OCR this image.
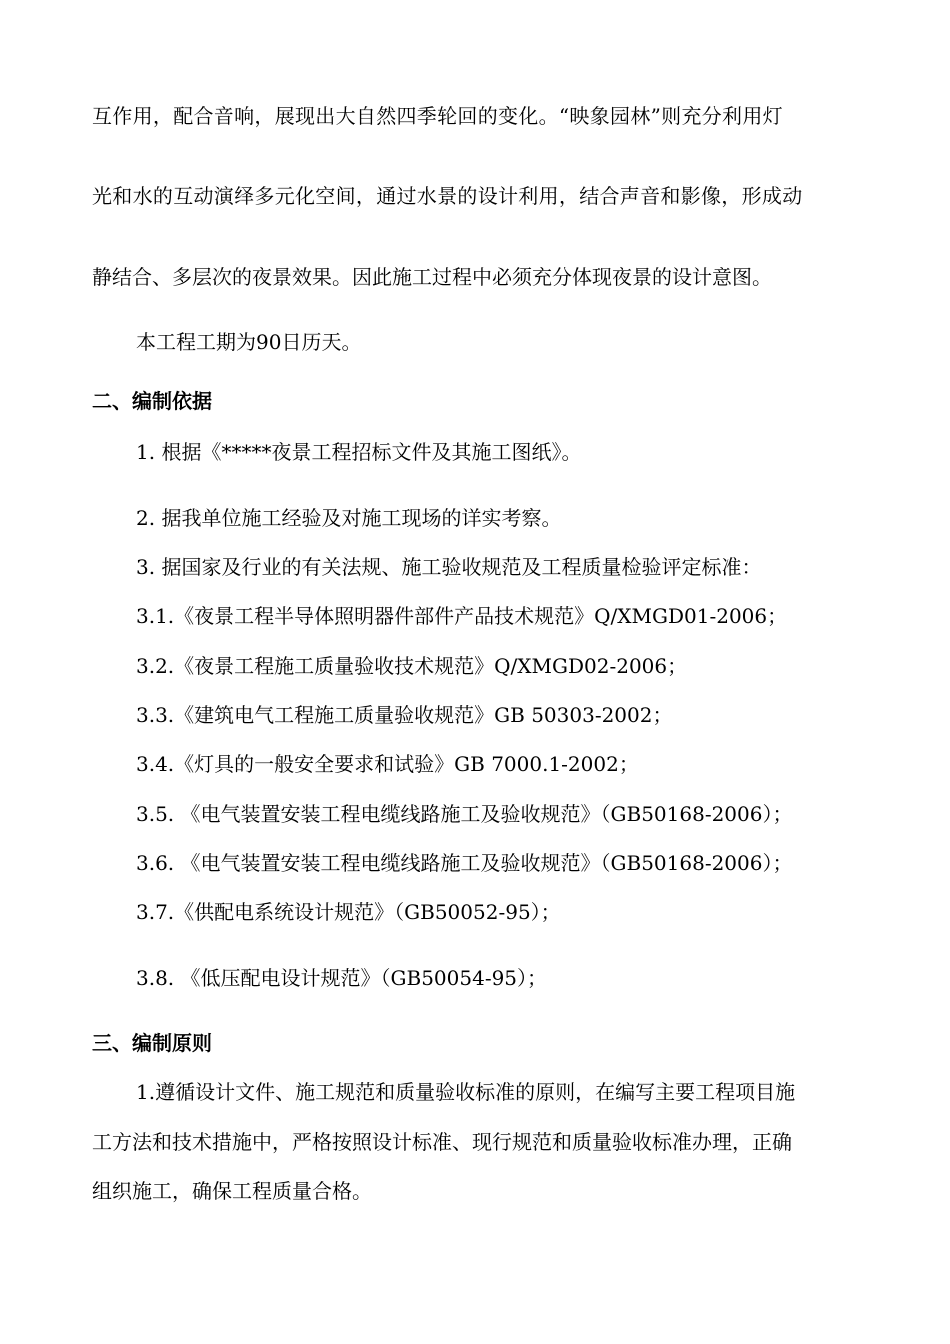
互作用，配合音响，展现出大自然四季轮回的变化。“映象园林”则充分利用灯

光和水的互动演绎多元化空间，通过水景的设计利用，结合声音和影像，形成动

静结合、多层次的夜景效果。因此施工过程中必须充分体现夜景的设计意图。

本工程工期为90日历天。

二、编制依据

1. 根据《*****夜景工程招标文件及其施工图纸》。

2. 据我单位施工经验及对施工现场的详实考察。

3. 据国家及行业的有关法规、施工验收规范及工程质量检验评定标准：

3.1.《夜景工程半导体照明器件部件产品技术规范》Q/XMGD01-2006；

3.2.《夜景工程施工质量验收技术规范》Q/XMGD02-2006；

3.3.《建筑电气工程施工质量验收规范》GB 50303-2002；

3.4.《灯具的一般安全要求和试验》GB 7000.1-2002；

3.5. 《电气装置安装工程电缆线路施工及验收规范》（GB50168-2006）；

3.6. 《电气装置安装工程电缆线路施工及验收规范》（GB50168-2006）；

3.7.《供配电系统设计规范》（GB50052-95）；

3.8. 《低压配电设计规范》（GB50054-95）；

三、编制原则

1.遵循设计文件、施工规范和质量验收标准的原则，在编写主要工程项目施

工方法和技术措施中，严格按照设计标准、现行规范和质量验收标准办理，正确

组织施工，确保工程质量合格。
